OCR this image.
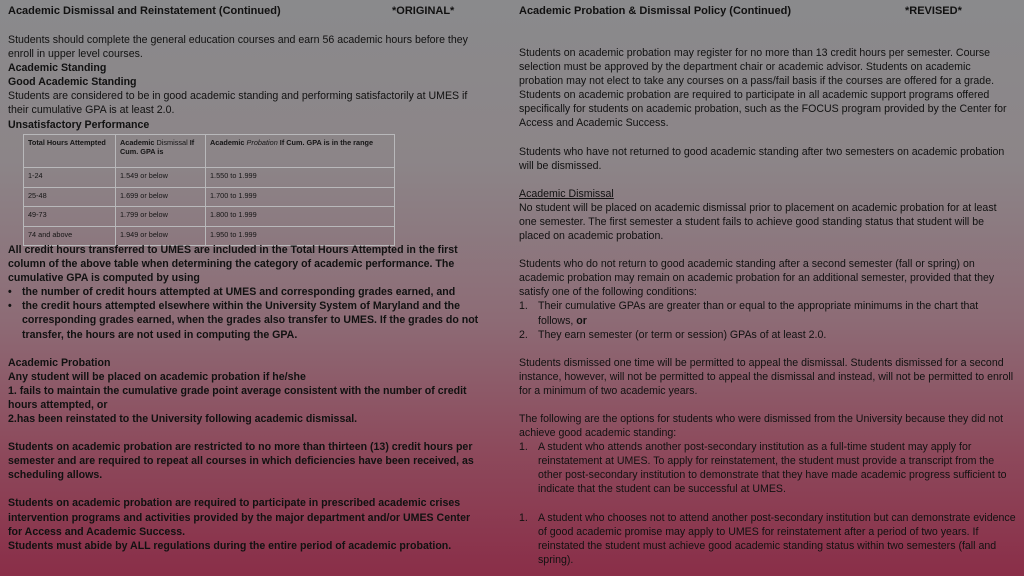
Academic Dismissal and Reinstatement (Continued)	*ORIGINAL*

Students should complete the general education courses and earn 56 academic hours before they enroll in upper level courses.

Academic Standing

Good Academic Standing

Students are considered to be in good academic standing and performing satisfactorily at UMES if their cumulative GPA is at least 2.0.

Unsatisfactory Performance

Total Hours Attempted	Academic Dismissal If Cum. GPA is	Academic Probation If Cum. GPA is in the range
1-24	1.549 or below	1.550 to 1.999
25-48	1.699 or below	1.700 to 1.999
49-73	1.799 or below	1.800 to 1.999
74 and above	1.949 or below	1.950 to 1.999

All credit hours transferred to UMES are included in the Total Hours Attempted in the first column of the above table when determining the category of academic performance. The cumulative GPA is computed by using

• the number of credit hours attempted at UMES and corresponding grades earned, and
• the credit hours attempted elsewhere within the University System of Maryland and the corresponding grades earned, when the grades also transfer to UMES. If the grades do not transfer, the hours are not used in computing the GPA.

Academic Probation

Any student will be placed on academic probation if he/she

1. fails to maintain the cumulative grade point average consistent with the number of credit hours attempted, or

2.has been reinstated to the University following academic dismissal.

Students on academic probation are restricted to no more than thirteen (13) credit hours per semester and are required to repeat all courses in which deficiencies have been received, as scheduling allows.

Students on academic probation are required to participate in prescribed academic crises intervention programs and activities provided by the major department and/or UMES Center for Access and Academic Success.

Students must abide by ALL regulations during the entire period of academic probation.

Academic Probation & Dismissal Policy (Continued)	*REVISED*

Students on academic probation may register for no more than 13 credit hours per semester. Course selection must be approved by the department chair or academic advisor. Students on academic probation may not elect to take any courses on a pass/fail basis if the courses are offered for a grade. Students on academic probation are required to participate in all academic support programs offered specifically for students on academic probation, such as the FOCUS program provided by the Center for Access and Academic Success.

Students who have not returned to good academic standing after two semesters on academic probation will be dismissed.

Academic Dismissal

No student will be placed on academic dismissal prior to placement on academic probation for at least one semester. The first semester a student fails to achieve good standing status that student will be placed on academic probation.

Students who do not return to good academic standing after a second semester (fall or spring) on academic probation may remain on academic probation for an additional semester, provided that they satisfy one of the following conditions:

1. Their cumulative GPAs are greater than or equal to the appropriate minimums in the chart that follows, or
2. They earn semester (or term or session) GPAs of at least 2.0.

Students dismissed one time will be permitted to appeal the dismissal. Students dismissed for a second instance, however, will not be permitted to appeal the dismissal and instead, will not be permitted to enroll for a minimum of two academic years.

The following are the options for students who were dismissed from the University because they did not achieve good academic standing:

1. A student who attends another post-secondary institution as a full-time student may apply for reinstatement at UMES. To apply for reinstatement, the student must provide a transcript from the other post-secondary institution to demonstrate that they have made academic progress sufficient to indicate that the student can be successful at UMES.
1. A student who chooses not to attend another post-secondary institution but can demonstrate evidence of good academic promise may apply to UMES for reinstatement after a period of two years. If reinstated the student must achieve good academic standing status within two semesters (fall and spring).
